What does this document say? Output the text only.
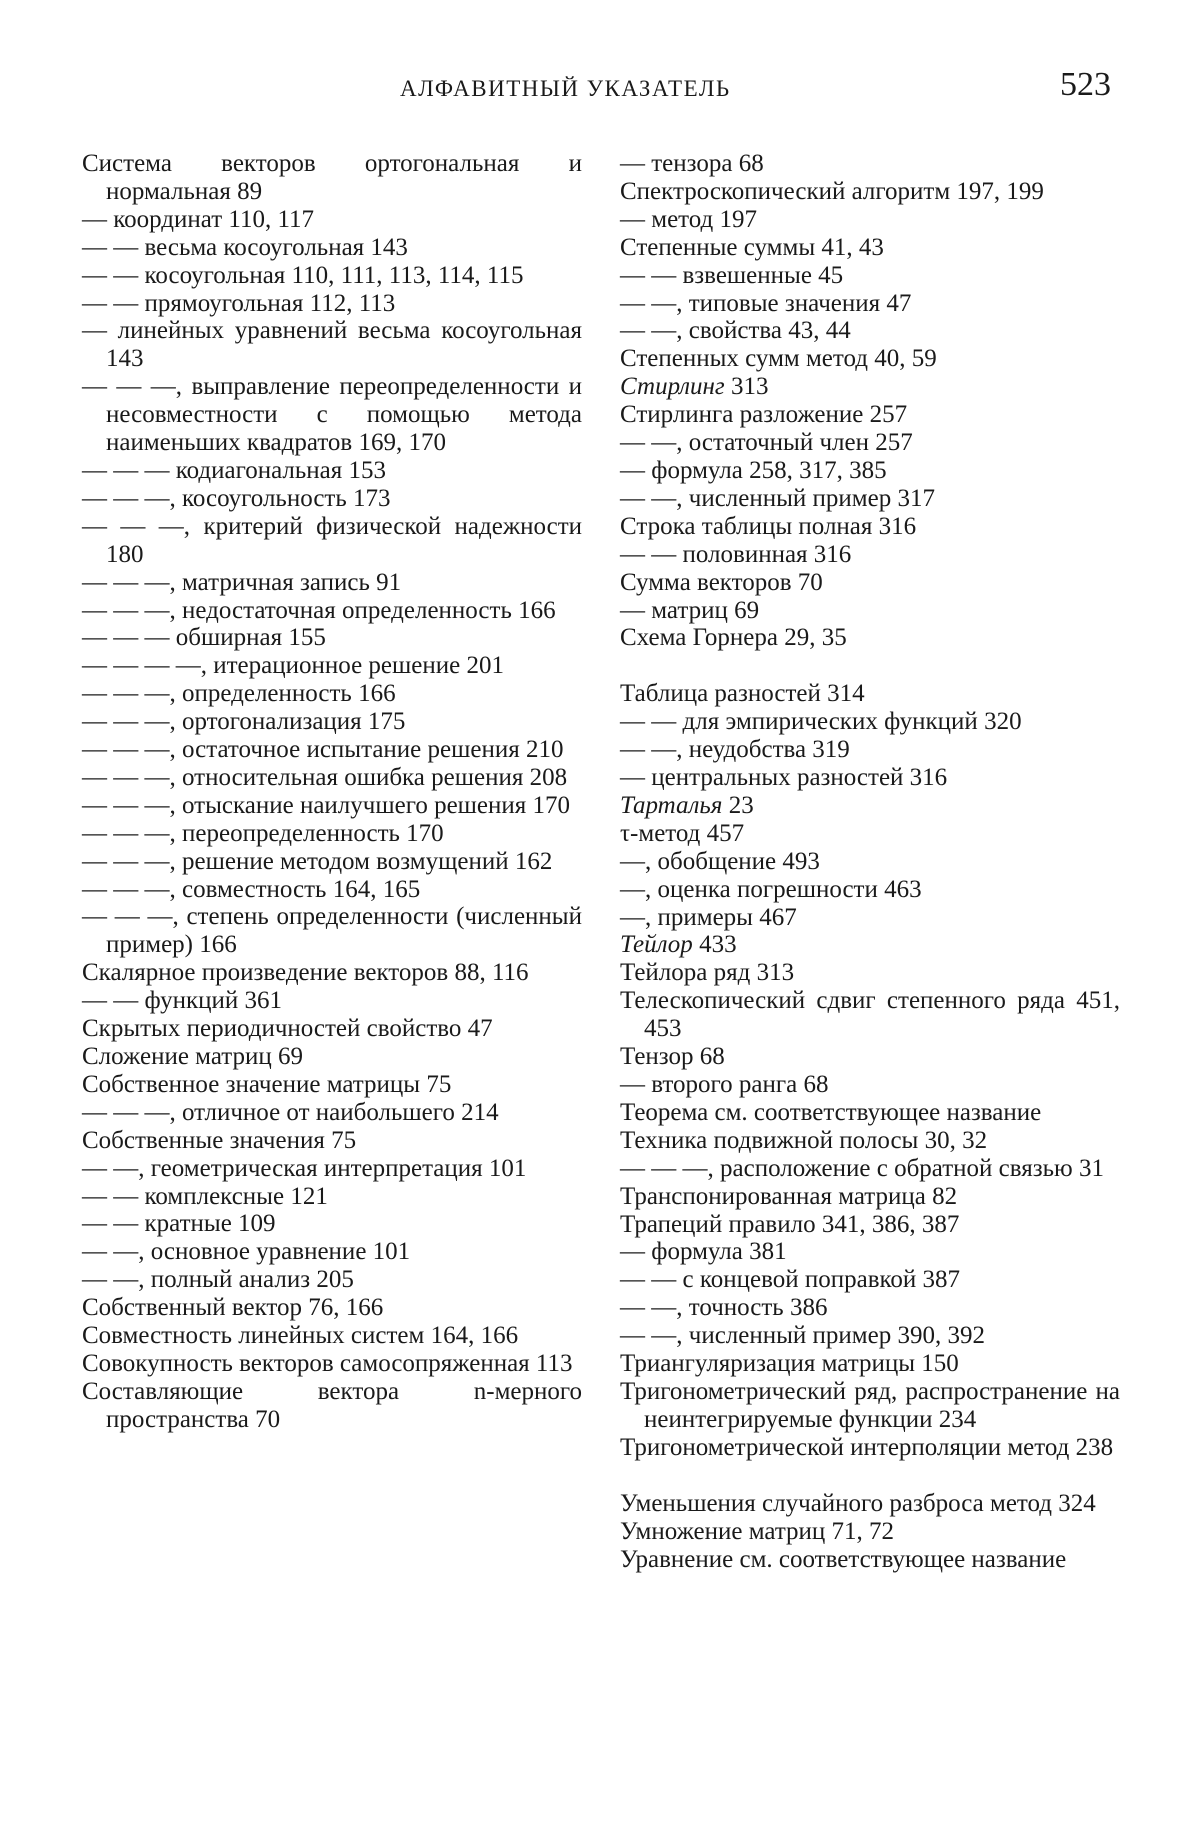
АЛФАВИТНЫЙ УКАЗАТЕЛЬ	523

Система векторов ортогональная и нормальная 89

— координат 110, 117

— — весьма косоугольная 143

— — косоугольная 110, 111, 113, 114, 115

— — прямоугольная 112, 113

— линейных уравнений весьма косоугольная 143

— — —, выправление переопределенности и несовместности с помощью метода наименьших квадратов 169, 170

— — — кодиагональная 153

— — —, косоугольность 173

— — —, критерий физической надежности 180

— — —, матричная запись 91

— — —, недостаточная определенность 166

— — — обширная 155

— — — —, итерационное решение 201

— — —, определенность 166

— — —, ортогонализация 175

— — —, остаточное испытание решения 210

— — —, относительная ошибка решения 208

— — —, отыскание наилучшего решения 170

— — —, переопределенность 170

— — —, решение методом возмущений 162

— — —, совместность 164, 165

— — —, степень определенности (численный пример) 166

Скалярное произведение векторов 88, 116

— — функций 361

Скрытых периодичностей свойство 47

Сложение матриц 69

Собственное значение матрицы 75

— — —, отличное от наибольшего 214

Собственные значения 75

— —, геометрическая интерпретация 101

— — комплексные 121

— — кратные 109

— —, основное уравнение 101

— —, полный анализ 205

Собственный вектор 76, 166

Совместность линейных систем 164, 166

Совокупность векторов самосопряженная 113

Составляющие вектора n-мерного пространства 70

— тензора 68

Спектроскопический алгоритм 197, 199

— метод 197

Степенные суммы 41, 43

— — взвешенные 45

— —, типовые значения 47

— —, свойства 43, 44

Степенных сумм метод 40, 59

Стирлинг 313

Стирлинга разложение 257

— —, остаточный член 257

— формула 258, 317, 385

— —, численный пример 317

Строка таблицы полная 316

— — половинная 316

Сумма векторов 70

— матриц 69

Схема Горнера 29, 35

Таблица разностей 314

— — для эмпирических функций 320

— —, неудобства 319

— центральных разностей 316

Тарталья 23

τ-метод 457

—, обобщение 493

—, оценка погрешности 463

—, примеры 467

Тейлор 433

Тейлора ряд 313

Телескопический сдвиг степенного ряда 451, 453

Тензор 68

— второго ранга 68

Теорема см. соответствующее название

Техника подвижной полосы 30, 32

— — —, расположение с обратной связью 31

Транспонированная матрица 82

Трапеций правило 341, 386, 387

— формула 381

— — с концевой поправкой 387

— —, точность 386

— —, численный пример 390, 392

Триангуляризация матрицы 150

Тригонометрический ряд, распространение на неинтегрируемые функции 234

Тригонометрической интерполяции метод 238

Уменьшения случайного разброса метод 324

Умножение матриц 71, 72

Уравнение см. соответствующее название
